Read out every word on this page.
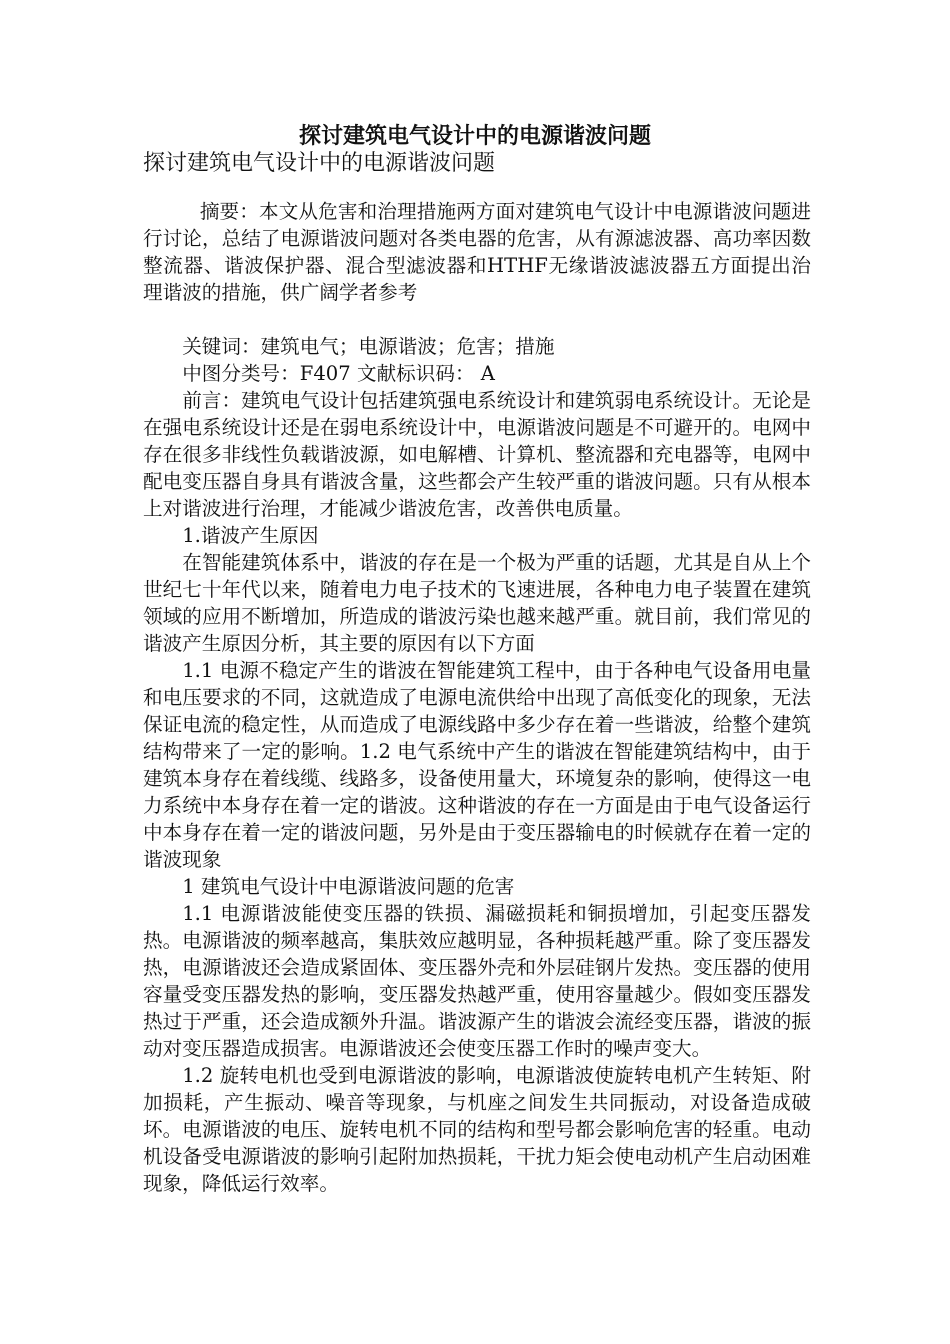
探讨建筑电气设计中的电源谐波问题
探讨建筑电气设计中的电源谐波问题

摘要：本文从危害和治理措施两方面对建筑电气设计中电源谐波问题进行讨论，总结了电源谐波问题对各类电器的危害，从有源滤波器、高功率因数整流器、谐波保护器、混合型滤波器和HTHF无缘谐波滤波器五方面提出治理谐波的措施，供广阔学者参考

关键词：建筑电气；电源谐波；危害；措施

中图分类号：F407 文献标识码： A

前言：建筑电气设计包括建筑强电系统设计和建筑弱电系统设计。无论是在强电系统设计还是在弱电系统设计中，电源谐波问题是不可避开的。电网中存在很多非线性负载谐波源，如电解槽、计算机、整流器和充电器等，电网中配电变压器自身具有谐波含量，这些都会产生较严重的谐波问题。只有从根本上对谐波进行治理，才能减少谐波危害，改善供电质量。

1.谐波产生原因

在智能建筑体系中，谐波的存在是一个极为严重的话题，尤其是自从上个世纪七十年代以来，随着电力电子技术的飞速进展，各种电力电子装置在建筑领域的应用不断增加，所造成的谐波污染也越来越严重。就目前，我们常见的谐波产生原因分析，其主要的原因有以下方面

1.1 电源不稳定产生的谐波在智能建筑工程中，由于各种电气设备用电量和电压要求的不同，这就造成了电源电流供给中出现了高低变化的现象，无法保证电流的稳定性，从而造成了电源线路中多少存在着一些谐波，给整个建筑结构带来了一定的影响。1.2 电气系统中产生的谐波在智能建筑结构中，由于建筑本身存在着线缆、线路多，设备使用量大，环境复杂的影响，使得这一电力系统中本身存在着一定的谐波。这种谐波的存在一方面是由于电气设备运行中本身存在着一定的谐波问题，另外是由于变压器输电的时候就存在着一定的谐波现象

1 建筑电气设计中电源谐波问题的危害

1.1 电源谐波能使变压器的铁损、漏磁损耗和铜损增加，引起变压器发热。电源谐波的频率越高，集肤效应越明显，各种损耗越严重。除了变压器发热，电源谐波还会造成紧固体、变压器外壳和外层硅钢片发热。变压器的使用容量受变压器发热的影响，变压器发热越严重，使用容量越少。假如变压器发热过于严重，还会造成额外升温。谐波源产生的谐波会流经变压器，谐波的振动对变压器造成损害。电源谐波还会使变压器工作时的噪声变大。

1.2 旋转电机也受到电源谐波的影响，电源谐波使旋转电机产生转矩、附加损耗，产生振动、噪音等现象，与机座之间发生共同振动，对设备造成破坏。电源谐波的电压、旋转电机不同的结构和型号都会影响危害的轻重。电动机设备受电源谐波的影响引起附加热损耗，干扰力矩会使电动机产生启动困难现象，降低运行效率。
